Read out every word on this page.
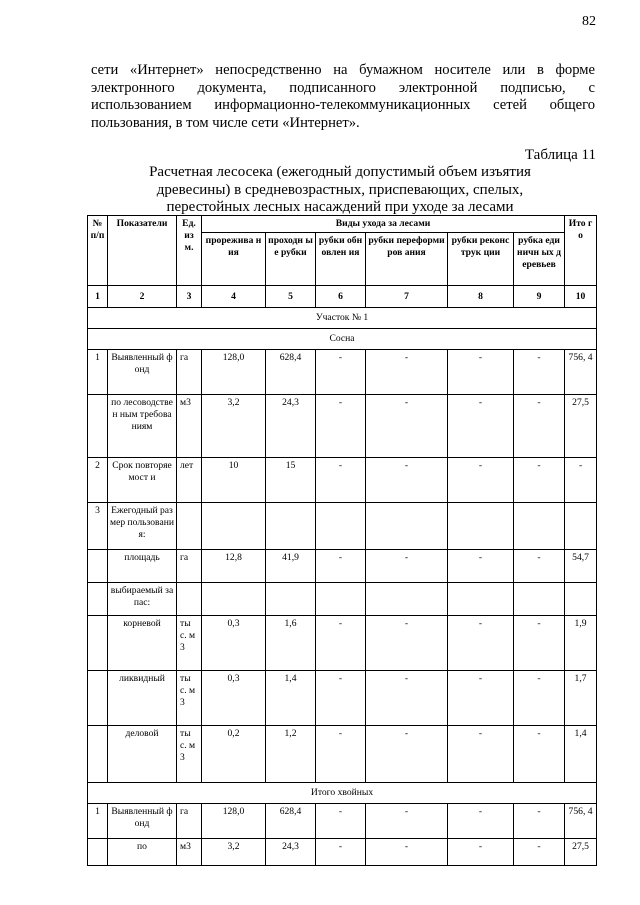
82

сети «Интернет» непосредственно на бумажном носителе или в форме электронного документа, подписанного электронной подписью, с использованием информационно-телекоммуникационных сетей общего пользования, в том числе сети «Интернет».

Таблица 11

Расчетная лесосека (ежегодный допустимый объем изъятия древесины) в средневозрастных, приспевающих, спелых, перестойных лесных насаждений при уходе за лесами

№ п/п	Показатели	Ед. из м.	Виды ухода за лесами						Ито го
			прорежива ния	проходн ые рубки	рубки обновлен ия	рубки переформиров ания	рубки реконструк ции	рубка единичн ых деревьев	
1	2	3	4	5	6	7	8	9	10
Участок № 1									
Сосна									
1	Выявленный фонд	га	128,0	628,4	-	-	-	-	756, 4
	по лесоводствен ным требованиям	м3	3,2	24,3	-	-	-	-	27,5
2	Срок повторяемост и	лет	10	15	-	-	-	-	-
3	Ежегодный размер пользования:								
	площадь	га	12,8	41,9	-	-	-	-	54,7
	выбираемый запас:								
	корневой	ты с. м3	0,3	1,6	-	-	-	-	1,9
	ликвидный	ты с. м3	0,3	1,4	-	-	-	-	1,7
	деловой	ты с. м3	0,2	1,2	-	-	-	-	1,4
Итого хвойных									
1	Выявленный фонд	га	128,0	628,4	-	-	-	-	756, 4
	по	м3	3,2	24,3	-	-	-	-	27,5
